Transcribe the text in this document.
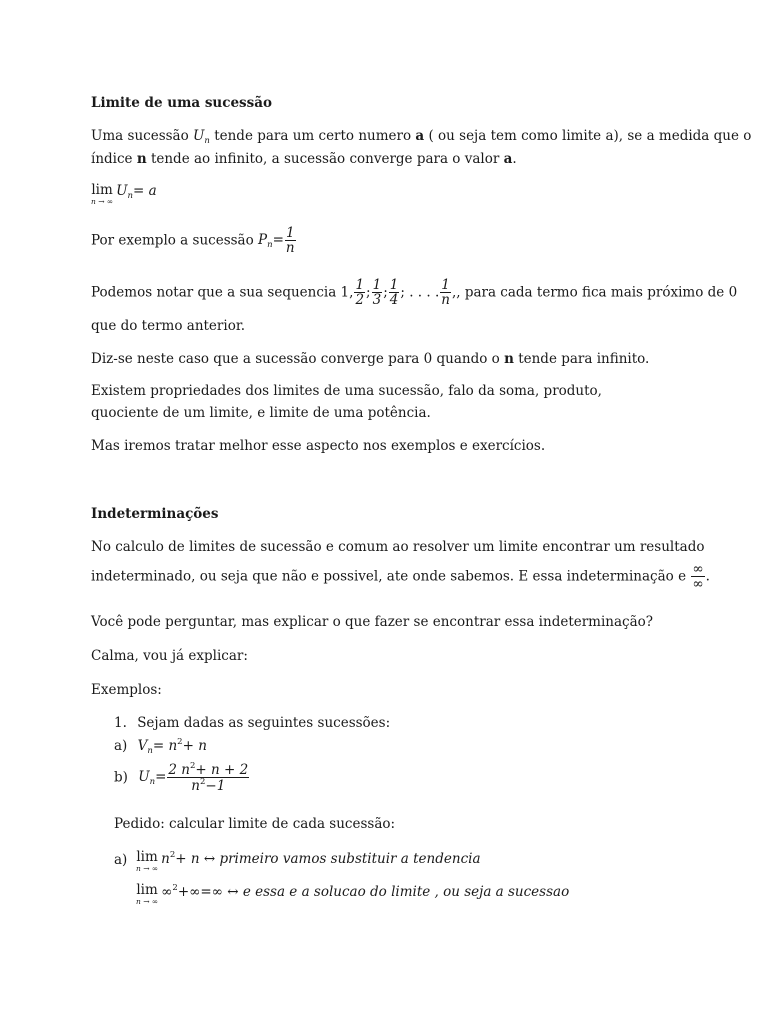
Limite de uma sucessão
Uma sucessão $U_n$ tende para um certo numero a ( ou seja tem como limite a), se a medida que o
índice n tende ao infinito, a sucessão converge para o valor a.
lim
n → ∞
$U_n= a$
Por exemplo a sucessão $P_n= \frac{1}{n}$
Podemos notar que a sua sequencia 1, $\frac{1}{2}$ ; $\frac{1}{3}$ ; $\frac{1}{4}$ ; . . . . $\frac{1}{n}$ ,, para cada termo fica mais próximo de 0
que do termo anterior.
Diz-se neste caso que a sucessão converge para 0 quando o n tende para infinito.
Existem propriedades dos limites de uma sucessão, falo da soma, produto, quociente de um limite, e limite de uma potência.
Mas iremos tratar melhor esse aspecto nos exemplos e exercícios.
Indeterminações
No calculo de limites de sucessão e comum ao resolver um limite encontrar um resultado
indeterminado, ou seja que não e possivel, ate onde sabemos. E essa indeterminação e $\frac{\infty}{\infty}$ .
Você pode perguntar, mas explicar o que fazer se encontrar essa indeterminação?
Calma, vou já explicar:
Exemplos:
1. Sejam dadas as seguintes sucessões:
a) $V_n= n^2+ n$
b) $U_n= \frac{2 n^2+ n + 2}{n^2-1}$
Pedido: calcular limite de cada sucessão:
a) lim
n → ∞
$n^2+ n$ ↔ primeiro vamos substituir a tendencia
lim
n → ∞
∞$^2$+∞=∞ ↔ e essa e a solucao do limite , ou seja a sucessao
